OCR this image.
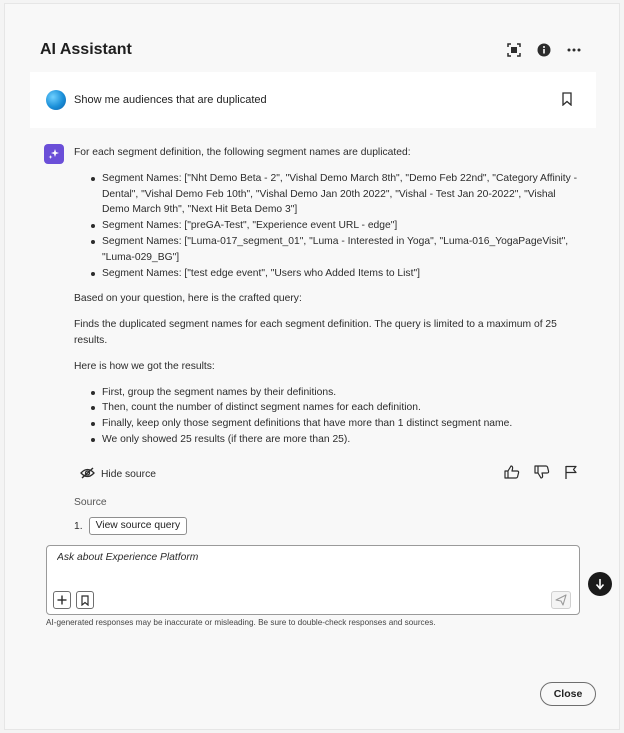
AI Assistant
Show me audiences that are duplicated

For each segment definition, the following segment names are duplicated:

Segment Names: ["Nht Demo Beta - 2", "Vishal Demo March 8th", "Demo Feb 22nd", "Category Affinity - Dental", "Vishal Demo Feb 10th", "Vishal Demo Jan 20th 2022", "Vishal - Test Jan 20-2022", "Vishal Demo March 9th", "Next Hit Beta Demo 3"]
Segment Names: ["preGA-Test", "Experience event URL - edge"]
Segment Names: ["Luma-017_segment_01", "Luma - Interested in Yoga", "Luma-016_YogaPageVisit", "Luma-029_BG"]
Segment Names: ["test edge event", "Users who Added Items to List"]

Based on your question, here is the crafted query:

Finds the duplicated segment names for each segment definition. The query is limited to a maximum of 25 results.

Here is how we got the results:

First, group the segment names by their definitions.
Then, count the number of distinct segment names for each definition.
Finally, keep only those segment definitions that have more than 1 distinct segment name.
We only showed 25 results (if there are more than 25).
Hide source
Source
1.	View source query
Ask about Experience Platform
AI-generated responses may be inaccurate or misleading. Be sure to double-check responses and sources.
Close
